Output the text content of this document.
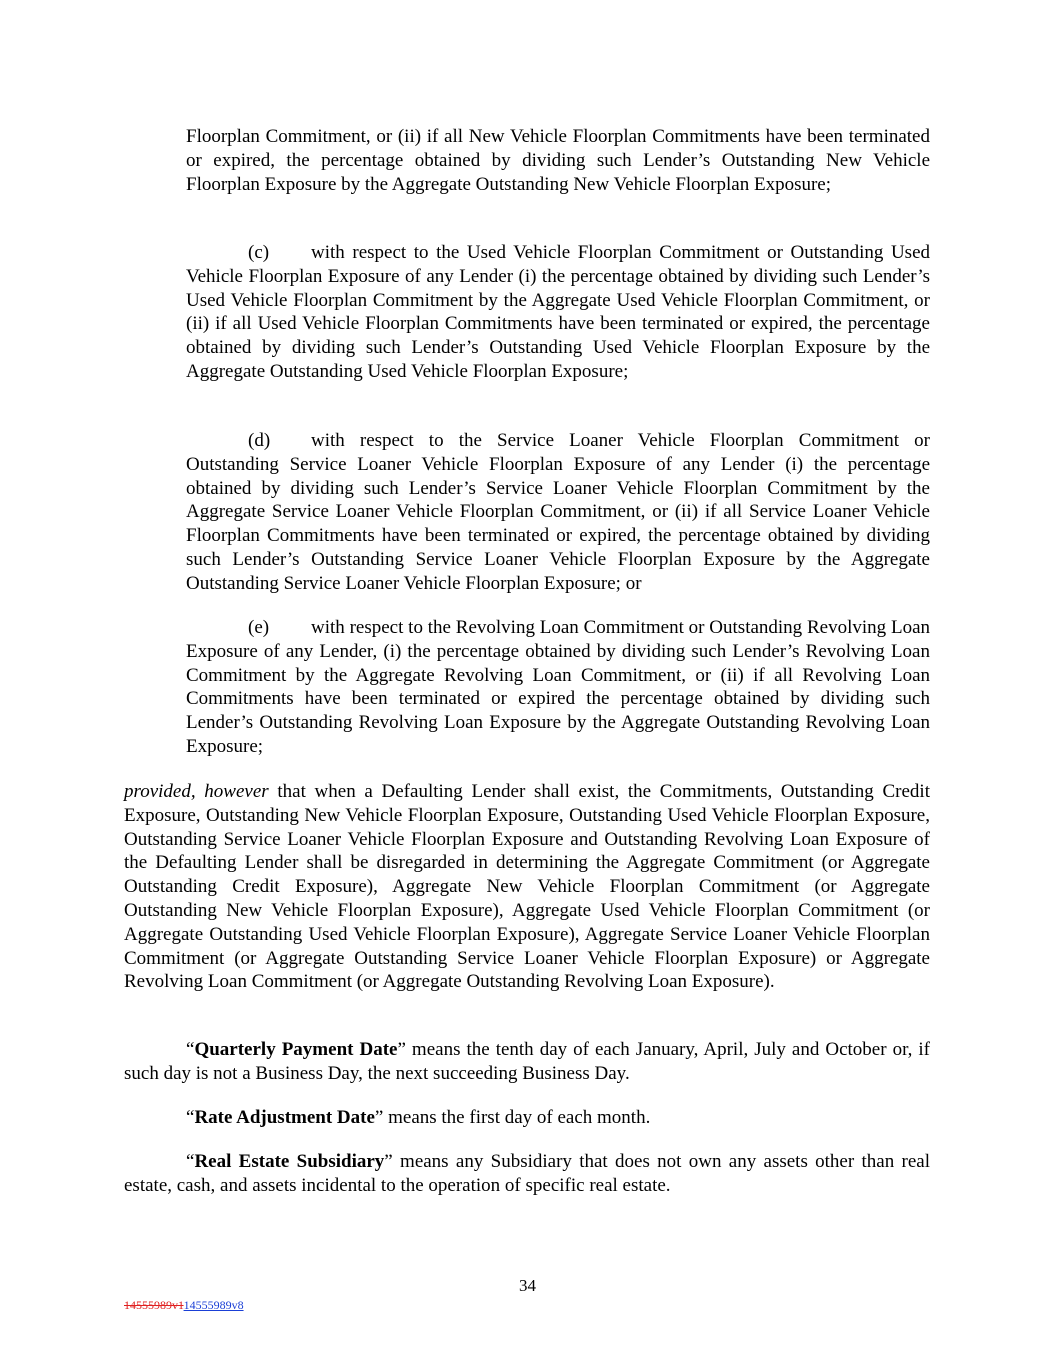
Floorplan Commitment, or (ii) if all New Vehicle Floorplan Commitments have been terminated or expired, the percentage obtained by dividing such Lender’s Outstanding New Vehicle Floorplan Exposure by the Aggregate Outstanding New Vehicle Floorplan Exposure;

(c) with respect to the Used Vehicle Floorplan Commitment or Outstanding Used Vehicle Floorplan Exposure of any Lender (i) the percentage obtained by dividing such Lender’s Used Vehicle Floorplan Commitment by the Aggregate Used Vehicle Floorplan Commitment, or (ii) if all Used Vehicle Floorplan Commitments have been terminated or expired, the percentage obtained by dividing such Lender’s Outstanding Used Vehicle Floorplan Exposure by the Aggregate Outstanding Used Vehicle Floorplan Exposure;

(d) with respect to the Service Loaner Vehicle Floorplan Commitment or Outstanding Service Loaner Vehicle Floorplan Exposure of any Lender (i) the percentage obtained by dividing such Lender’s Service Loaner Vehicle Floorplan Commitment by the Aggregate Service Loaner Vehicle Floorplan Commitment, or (ii) if all Service Loaner Vehicle Floorplan Commitments have been terminated or expired, the percentage obtained by dividing such Lender’s Outstanding Service Loaner Vehicle Floorplan Exposure by the Aggregate Outstanding Service Loaner Vehicle Floorplan Exposure; or

(e) with respect to the Revolving Loan Commitment or Outstanding Revolving Loan Exposure of any Lender, (i) the percentage obtained by dividing such Lender’s Revolving Loan Commitment by the Aggregate Revolving Loan Commitment, or (ii) if all Revolving Loan Commitments have been terminated or expired the percentage obtained by dividing such Lender’s Outstanding Revolving Loan Exposure by the Aggregate Outstanding Revolving Loan Exposure;

provided, however that when a Defaulting Lender shall exist, the Commitments, Outstanding Credit Exposure, Outstanding New Vehicle Floorplan Exposure, Outstanding Used Vehicle Floorplan Exposure, Outstanding Service Loaner Vehicle Floorplan Exposure and Outstanding Revolving Loan Exposure of the Defaulting Lender shall be disregarded in determining the Aggregate Commitment (or Aggregate Outstanding Credit Exposure), Aggregate New Vehicle Floorplan Commitment (or Aggregate Outstanding New Vehicle Floorplan Exposure), Aggregate Used Vehicle Floorplan Commitment (or Aggregate Outstanding Used Vehicle Floorplan Exposure), Aggregate Service Loaner Vehicle Floorplan Commitment (or Aggregate Outstanding Service Loaner Vehicle Floorplan Exposure) or Aggregate Revolving Loan Commitment (or Aggregate Outstanding Revolving Loan Exposure).

“Quarterly Payment Date” means the tenth day of each January, April, July and October or, if such day is not a Business Day, the next succeeding Business Day.

“Rate Adjustment Date” means the first day of each month.

“Real Estate Subsidiary” means any Subsidiary that does not own any assets other than real estate, cash, and assets incidental to the operation of specific real estate.

34
14555989v114555989v8
